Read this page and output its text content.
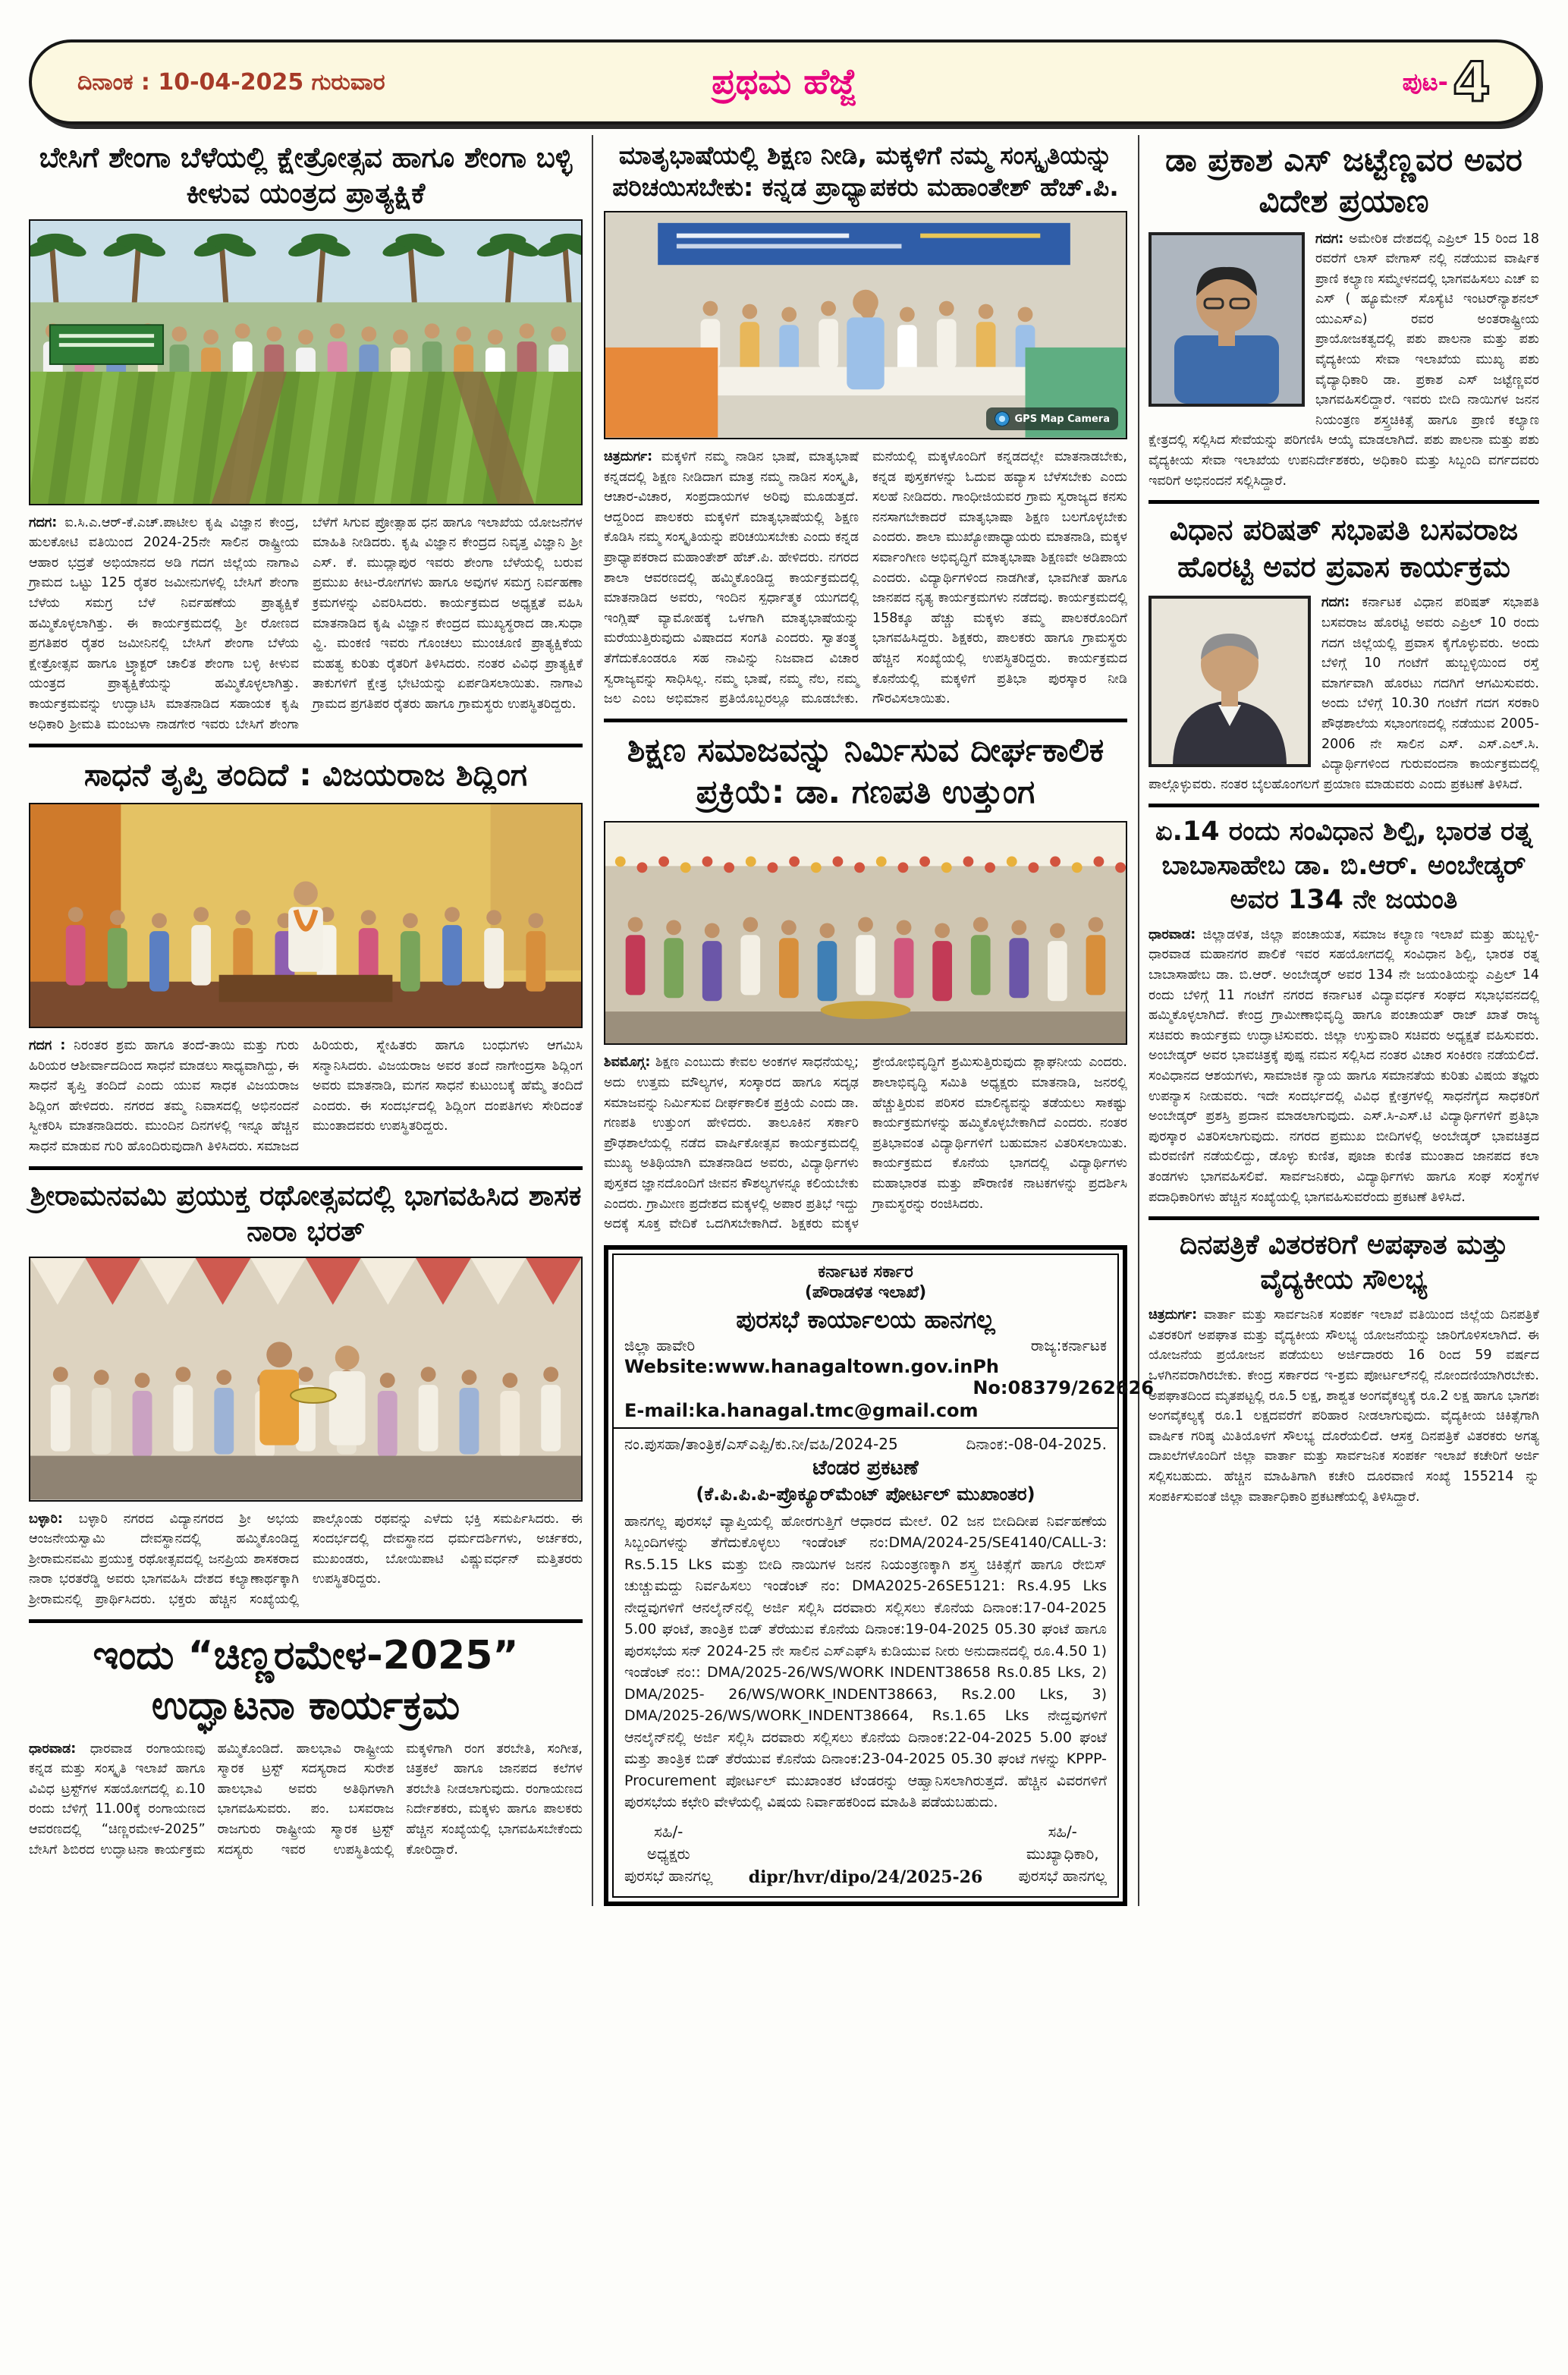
ದಿನಾಂಕ : 10-04-2025 ಗುರುವಾರ	ಪ್ರಥಮ ಹೆಜ್ಜೆ	ಪುಟ- 4
ಬೇಸಿಗೆ ಶೇಂಗಾ ಬೆಳೆಯಲ್ಲಿ ಕ್ಷೇತ್ರೋತ್ಸವ ಹಾಗೂ ಶೇಂಗಾ ಬಳ್ಳಿ ಕೀಳುವ ಯಂತ್ರದ ಪ್ರಾತ್ಯಕ್ಷಿಕೆ

ಗದಗ: ಐ.ಸಿ.ಎ.ಆರ್-ಕೆ.ಎಚ್.ಪಾಟೀಲ ಕೃಷಿ ವಿಜ್ಞಾನ ಕೇಂದ್ರ, ಹುಲಕೋಟಿ ವತಿಯಿಂದ 2024-25ನೇ ಸಾಲಿನ ರಾಷ್ಟ್ರೀಯ ಆಹಾರ ಭದ್ರತೆ ಅಭಿಯಾನದ ಅಡಿ ಗದಗ ಜಿಲ್ಲೆಯ ನಾಗಾವಿ ಗ್ರಾಮದ ಒಟ್ಟು 125 ರೈತರ ಜಮೀನುಗಳಲ್ಲಿ ಬೇಸಿಗೆ ಶೇಂಗಾ ಬೆಳೆಯ ಸಮಗ್ರ ಬೆಳೆ ನಿರ್ವಹಣೆಯ ಪ್ರಾತ್ಯಕ್ಷಿಕೆ ಹಮ್ಮಿಕೊಳ್ಳಲಾಗಿತ್ತು. ಈ ಕಾರ್ಯಕ್ರಮದಲ್ಲಿ ಶ್ರೀ ರೋಣದ ಪ್ರಗತಿಪರ ರೈತರ ಜಮೀನಿನಲ್ಲಿ ಬೇಸಿಗೆ ಶೇಂಗಾ ಬೆಳೆಯ ಕ್ಷೇತ್ರೋತ್ಸವ ಹಾಗೂ ಟ್ರ್ಯಾಕ್ಟರ್ ಚಾಲಿತ ಶೇಂಗಾ ಬಳ್ಳಿ ಕೀಳುವ ಯಂತ್ರದ ಪ್ರಾತ್ಯಕ್ಷಿಕೆಯನ್ನು ಹಮ್ಮಿಕೊಳ್ಳಲಾಗಿತ್ತು. ಕಾರ್ಯಕ್ರಮವನ್ನು ಉದ್ಘಾಟಿಸಿ ಮಾತನಾಡಿದ ಸಹಾಯಕ ಕೃಷಿ ಅಧಿಕಾರಿ ಶ್ರೀಮತಿ ಮಂಜುಳಾ ನಾಡಗೇರ ಇವರು ಬೇಸಿಗೆ ಶೇಂಗಾ ಬೆಳೆಗೆ ಸಿಗುವ ಪ್ರೋತ್ಸಾಹ ಧನ ಹಾಗೂ ಇಲಾಖೆಯ ಯೋಜನೆಗಳ ಮಾಹಿತಿ ನೀಡಿದರು. ಕೃಷಿ ವಿಜ್ಞಾನ ಕೇಂದ್ರದ ನಿವೃತ್ತ ವಿಜ್ಞಾನಿ ಶ್ರೀ ಎಸ್. ಕೆ. ಮುದ್ಲಾಪುರ ಇವರು ಶೇಂಗಾ ಬೆಳೆಯಲ್ಲಿ ಬರುವ ಪ್ರಮುಖ ಕೀಟ-ರೋಗಗಳು ಹಾಗೂ ಅವುಗಳ ಸಮಗ್ರ ನಿರ್ವಹಣಾ ಕ್ರಮಗಳನ್ನು ವಿವರಿಸಿದರು. ಕಾರ್ಯಕ್ರಮದ ಅಧ್ಯಕ್ಷತೆ ವಹಿಸಿ ಮಾತನಾಡಿದ ಕೃಷಿ ವಿಜ್ಞಾನ ಕೇಂದ್ರದ ಮುಖ್ಯಸ್ಥರಾದ ಡಾ.ಸುಧಾ ವ್ಹಿ. ಮಂಕಣಿ ಇವರು ಗೊಂಚಲು ಮುಂಚೂಣಿ ಪ್ರಾತ್ಯಕ್ಷಿಕೆಯ ಮಹತ್ವ ಕುರಿತು ರೈತರಿಗೆ ತಿಳಿಸಿದರು. ನಂತರ ವಿವಿಧ ಪ್ರಾತ್ಯಕ್ಷಿಕೆ ತಾಕುಗಳಿಗೆ ಕ್ಷೇತ್ರ ಭೇಟಿಯನ್ನು ಏರ್ಪಡಿಸಲಾಯಿತು. ನಾಗಾವಿ ಗ್ರಾಮದ ಪ್ರಗತಿಪರ ರೈತರು ಹಾಗೂ ಗ್ರಾಮಸ್ಥರು ಉಪಸ್ಥಿತರಿದ್ದರು.

ಸಾಧನೆ ತೃಪ್ತಿ ತಂದಿದೆ : ವಿಜಯರಾಜ ಶಿದ್ಲಿಂಗ

ಗದಗ : ನಿರಂತರ ಶ್ರಮ ಹಾಗೂ ತಂದೆ-ತಾಯಿ ಮತ್ತು ಗುರು ಹಿರಿಯರ ಆಶೀರ್ವಾದದಿಂದ ಸಾಧನೆ ಮಾಡಲು ಸಾಧ್ಯವಾಗಿದ್ದು, ಈ ಸಾಧನೆ ತೃಪ್ತಿ ತಂದಿದೆ ಎಂದು ಯುವ ಸಾಧಕ ವಿಜಯರಾಜ ಶಿದ್ಲಿಂಗ ಹೇಳಿದರು. ನಗರದ ತಮ್ಮ ನಿವಾಸದಲ್ಲಿ ಅಭಿನಂದನೆ ಸ್ವೀಕರಿಸಿ ಮಾತನಾಡಿದರು. ಮುಂದಿನ ದಿನಗಳಲ್ಲಿ ಇನ್ನೂ ಹೆಚ್ಚಿನ ಸಾಧನೆ ಮಾಡುವ ಗುರಿ ಹೊಂದಿರುವುದಾಗಿ ತಿಳಿಸಿದರು. ಸಮಾಜದ ಹಿರಿಯರು, ಸ್ನೇಹಿತರು ಹಾಗೂ ಬಂಧುಗಳು ಆಗಮಿಸಿ ಸನ್ಮಾನಿಸಿದರು. ವಿಜಯರಾಜ ಅವರ ತಂದೆ ನಾಗೇಂದ್ರಸಾ ಶಿದ್ಲಿಂಗ ಅವರು ಮಾತನಾಡಿ, ಮಗನ ಸಾಧನೆ ಕುಟುಂಬಕ್ಕೆ ಹೆಮ್ಮೆ ತಂದಿದೆ ಎಂದರು. ಈ ಸಂದರ್ಭದಲ್ಲಿ ಶಿದ್ಲಿಂಗ ದಂಪತಿಗಳು ಸೇರಿದಂತೆ ಮುಂತಾದವರು ಉಪಸ್ಥಿತರಿದ್ದರು.

ಶ್ರೀರಾಮನವಮಿ ಪ್ರಯುಕ್ತ ರಥೋತ್ಸವದಲ್ಲಿ ಭಾಗವಹಿಸಿದ ಶಾಸಕ ನಾರಾ ಭರತ್

ಬಳ್ಳಾರಿ: ಬಳ್ಳಾರಿ ನಗರದ ವಿದ್ಯಾನಗರದ ಶ್ರೀ ಅಭಯ ಆಂಜನೇಯಸ್ವಾಮಿ ದೇವಸ್ಥಾನದಲ್ಲಿ ಹಮ್ಮಿಕೊಂಡಿದ್ದ ಶ್ರೀರಾಮನವಮಿ ಪ್ರಯುಕ್ತ ರಥೋತ್ಸವದಲ್ಲಿ ಜನಪ್ರಿಯ ಶಾಸಕರಾದ ನಾರಾ ಭರತರೆಡ್ಡಿ ಅವರು ಭಾಗವಹಿಸಿ ದೇಶದ ಕಲ್ಯಾಣಾರ್ಥಕ್ಕಾಗಿ ಶ್ರೀರಾಮನಲ್ಲಿ ಪ್ರಾರ್ಥಿಸಿದರು. ಭಕ್ತರು ಹೆಚ್ಚಿನ ಸಂಖ್ಯೆಯಲ್ಲಿ ಪಾಲ್ಗೊಂಡು ರಥವನ್ನು ಎಳೆದು ಭಕ್ತಿ ಸಮರ್ಪಿಸಿದರು. ಈ ಸಂದರ್ಭದಲ್ಲಿ ದೇವಸ್ಥಾನದ ಧರ್ಮದರ್ಶಿಗಳು, ಅರ್ಚಕರು, ಮುಖಂಡರು, ಬೋಯಿಪಾಟಿ ವಿಷ್ಣುವರ್ಧನ್ ಮತ್ತಿತರರು ಉಪಸ್ಥಿತರಿದ್ದರು.

ಇಂದು “ಚಿಣ್ಣರಮೇಳ-2025” ಉದ್ಘಾಟನಾ ಕಾರ್ಯಕ್ರಮ

ಧಾರವಾಡ: ಧಾರವಾಡ ರಂಗಾಯಣವು ಕನ್ನಡ ಮತ್ತು ಸಂಸ್ಕೃತಿ ಇಲಾಖೆ ಹಾಗೂ ವಿವಿಧ ಟ್ರಸ್ಟ್‌ಗಳ ಸಹಯೋಗದಲ್ಲಿ ಏ.10 ರಂದು ಬೆಳಿಗ್ಗೆ 11.00ಕ್ಕೆ ರಂಗಾಯಣದ ಆವರಣದಲ್ಲಿ “ಚಿಣ್ಣರಮೇಳ-2025” ಬೇಸಿಗೆ ಶಿಬಿರದ ಉದ್ಘಾಟನಾ ಕಾರ್ಯಕ್ರಮ ಹಮ್ಮಿಕೊಂಡಿದೆ. ಹಾಲಭಾವಿ ರಾಷ್ಟ್ರೀಯ ಸ್ಮಾರಕ ಟ್ರಸ್ಟ್ ಸದಸ್ಯರಾದ ಸುರೇಶ ಹಾಲಭಾವಿ ಅವರು ಅತಿಥಿಗಳಾಗಿ ಭಾಗವಹಿಸುವರು. ಪಂ. ಬಸವರಾಜ ರಾಜಗುರು ರಾಷ್ಟ್ರೀಯ ಸ್ಮಾರಕ ಟ್ರಸ್ಟ್ ಸದಸ್ಯರು ಇವರ ಉಪಸ್ಥಿತಿಯಲ್ಲಿ ಮಕ್ಕಳಿಗಾಗಿ ರಂಗ ತರಬೇತಿ, ಸಂಗೀತ, ಚಿತ್ರಕಲೆ ಹಾಗೂ ಜಾನಪದ ಕಲೆಗಳ ತರಬೇತಿ ನೀಡಲಾಗುವುದು. ರಂಗಾಯಣದ ನಿರ್ದೇಶಕರು, ಮಕ್ಕಳು ಹಾಗೂ ಪಾಲಕರು ಹೆಚ್ಚಿನ ಸಂಖ್ಯೆಯಲ್ಲಿ ಭಾಗವಹಿಸಬೇಕೆಂದು ಕೋರಿದ್ದಾರೆ.

ಮಾತೃಭಾಷೆಯಲ್ಲಿ ಶಿಕ್ಷಣ ನೀಡಿ, ಮಕ್ಕಳಿಗೆ ನಮ್ಮ ಸಂಸ್ಕೃತಿಯನ್ನು ಪರಿಚಯಿಸಬೇಕು: ಕನ್ನಡ ಪ್ರಾಧ್ಯಾಪಕರು ಮಹಾಂತೇಶ್ ಹೆಚ್.ಪಿ.
GPS Map Camera

ಚಿತ್ರದುರ್ಗ: ಮಕ್ಕಳಿಗೆ ನಮ್ಮ ನಾಡಿನ ಭಾಷೆ, ಮಾತೃಭಾಷೆ ಕನ್ನಡದಲ್ಲಿ ಶಿಕ್ಷಣ ನೀಡಿದಾಗ ಮಾತ್ರ ನಮ್ಮ ನಾಡಿನ ಸಂಸ್ಕೃತಿ, ಆಚಾರ-ವಿಚಾರ, ಸಂಪ್ರದಾಯಗಳ ಅರಿವು ಮೂಡುತ್ತದೆ. ಆದ್ದರಿಂದ ಪಾಲಕರು ಮಕ್ಕಳಿಗೆ ಮಾತೃಭಾಷೆಯಲ್ಲಿ ಶಿಕ್ಷಣ ಕೊಡಿಸಿ ನಮ್ಮ ಸಂಸ್ಕೃತಿಯನ್ನು ಪರಿಚಯಿಸಬೇಕು ಎಂದು ಕನ್ನಡ ಪ್ರಾಧ್ಯಾಪಕರಾದ ಮಹಾಂತೇಶ್ ಹೆಚ್.ಪಿ. ಹೇಳಿದರು. ನಗರದ ಶಾಲಾ ಆವರಣದಲ್ಲಿ ಹಮ್ಮಿಕೊಂಡಿದ್ದ ಕಾರ್ಯಕ್ರಮದಲ್ಲಿ ಮಾತನಾಡಿದ ಅವರು, ಇಂದಿನ ಸ್ಪರ್ಧಾತ್ಮಕ ಯುಗದಲ್ಲಿ ಇಂಗ್ಲಿಷ್ ವ್ಯಾಮೋಹಕ್ಕೆ ಒಳಗಾಗಿ ಮಾತೃಭಾಷೆಯನ್ನು ಮರೆಯುತ್ತಿರುವುದು ವಿಷಾದದ ಸಂಗತಿ ಎಂದರು. ಸ್ವಾತಂತ್ರ್ಯ ತೆಗೆದುಕೊಂಡರೂ ಸಹ ನಾವಿನ್ನು ನಿಜವಾದ ವಿಚಾರ ಸ್ವರಾಜ್ಯವನ್ನು ಸಾಧಿಸಿಲ್ಲ. ನಮ್ಮ ಭಾಷೆ, ನಮ್ಮ ನೆಲ, ನಮ್ಮ ಜಲ ಎಂಬ ಅಭಿಮಾನ ಪ್ರತಿಯೊಬ್ಬರಲ್ಲೂ ಮೂಡಬೇಕು. ಮನೆಯಲ್ಲಿ ಮಕ್ಕಳೊಂದಿಗೆ ಕನ್ನಡದಲ್ಲೇ ಮಾತನಾಡಬೇಕು, ಕನ್ನಡ ಪುಸ್ತಕಗಳನ್ನು ಓದುವ ಹವ್ಯಾಸ ಬೆಳೆಸಬೇಕು ಎಂದು ಸಲಹೆ ನೀಡಿದರು. ಗಾಂಧೀಜಿಯವರ ಗ್ರಾಮ ಸ್ವರಾಜ್ಯದ ಕನಸು ನನಸಾಗಬೇಕಾದರೆ ಮಾತೃಭಾಷಾ ಶಿಕ್ಷಣ ಬಲಗೊಳ್ಳಬೇಕು ಎಂದರು. ಶಾಲಾ ಮುಖ್ಯೋಪಾಧ್ಯಾಯರು ಮಾತನಾಡಿ, ಮಕ್ಕಳ ಸರ್ವಾಂಗೀಣ ಅಭಿವೃದ್ಧಿಗೆ ಮಾತೃಭಾಷಾ ಶಿಕ್ಷಣವೇ ಅಡಿಪಾಯ ಎಂದರು. ವಿದ್ಯಾರ್ಥಿಗಳಿಂದ ನಾಡಗೀತೆ, ಭಾವಗೀತೆ ಹಾಗೂ ಜಾನಪದ ನೃತ್ಯ ಕಾರ್ಯಕ್ರಮಗಳು ನಡೆದವು. ಕಾರ್ಯಕ್ರಮದಲ್ಲಿ 158ಕ್ಕೂ ಹೆಚ್ಚು ಮಕ್ಕಳು ತಮ್ಮ ಪಾಲಕರೊಂದಿಗೆ ಭಾಗವಹಿಸಿದ್ದರು. ಶಿಕ್ಷಕರು, ಪಾಲಕರು ಹಾಗೂ ಗ್ರಾಮಸ್ಥರು ಹೆಚ್ಚಿನ ಸಂಖ್ಯೆಯಲ್ಲಿ ಉಪಸ್ಥಿತರಿದ್ದರು. ಕಾರ್ಯಕ್ರಮದ ಕೊನೆಯಲ್ಲಿ ಮಕ್ಕಳಿಗೆ ಪ್ರತಿಭಾ ಪುರಸ್ಕಾರ ನೀಡಿ ಗೌರವಿಸಲಾಯಿತು.

ಶಿಕ್ಷಣ ಸಮಾಜವನ್ನು ನಿರ್ಮಿಸುವ ದೀರ್ಘಕಾಲಿಕ ಪ್ರಕ್ರಿಯೆ: ಡಾ. ಗಣಪತಿ ಉತ್ತುಂಗ

ಶಿವಮೊಗ್ಗ: ಶಿಕ್ಷಣ ಎಂಬುದು ಕೇವಲ ಅಂಕಗಳ ಸಾಧನೆಯಲ್ಲ; ಅದು ಉತ್ತಮ ಮೌಲ್ಯಗಳ, ಸಂಸ್ಕಾರದ ಹಾಗೂ ಸದೃಢ ಸಮಾಜವನ್ನು ನಿರ್ಮಿಸುವ ದೀರ್ಘಕಾಲಿಕ ಪ್ರಕ್ರಿಯೆ ಎಂದು ಡಾ. ಗಣಪತಿ ಉತ್ತುಂಗ ಹೇಳಿದರು. ತಾಲೂಕಿನ ಸರ್ಕಾರಿ ಪ್ರೌಢಶಾಲೆಯಲ್ಲಿ ನಡೆದ ವಾರ್ಷಿಕೋತ್ಸವ ಕಾರ್ಯಕ್ರಮದಲ್ಲಿ ಮುಖ್ಯ ಅತಿಥಿಯಾಗಿ ಮಾತನಾಡಿದ ಅವರು, ವಿದ್ಯಾರ್ಥಿಗಳು ಪುಸ್ತಕದ ಜ್ಞಾನದೊಂದಿಗೆ ಜೀವನ ಕೌಶಲ್ಯಗಳನ್ನೂ ಕಲಿಯಬೇಕು ಎಂದರು. ಗ್ರಾಮೀಣ ಪ್ರದೇಶದ ಮಕ್ಕಳಲ್ಲಿ ಅಪಾರ ಪ್ರತಿಭೆ ಇದ್ದು ಅದಕ್ಕೆ ಸೂಕ್ತ ವೇದಿಕೆ ಒದಗಿಸಬೇಕಾಗಿದೆ. ಶಿಕ್ಷಕರು ಮಕ್ಕಳ ಶ್ರೇಯೋಭಿವೃದ್ಧಿಗೆ ಶ್ರಮಿಸುತ್ತಿರುವುದು ಶ್ಲಾಘನೀಯ ಎಂದರು. ಶಾಲಾಭಿವೃದ್ಧಿ ಸಮಿತಿ ಅಧ್ಯಕ್ಷರು ಮಾತನಾಡಿ, ಜನರಲ್ಲಿ ಹೆಚ್ಚುತ್ತಿರುವ ಪರಿಸರ ಮಾಲಿನ್ಯವನ್ನು ತಡೆಯಲು ಸಾಕಷ್ಟು ಕಾರ್ಯಕ್ರಮಗಳನ್ನು ಹಮ್ಮಿಕೊಳ್ಳಬೇಕಾಗಿದೆ ಎಂದರು. ನಂತರ ಪ್ರತಿಭಾವಂತ ವಿದ್ಯಾರ್ಥಿಗಳಿಗೆ ಬಹುಮಾನ ವಿತರಿಸಲಾಯಿತು. ಕಾರ್ಯಕ್ರಮದ ಕೊನೆಯ ಭಾಗದಲ್ಲಿ ವಿದ್ಯಾರ್ಥಿಗಳು ಮಹಾಭಾರತ ಮತ್ತು ಪೌರಾಣಿಕ ನಾಟಕಗಳನ್ನು ಪ್ರದರ್ಶಿಸಿ ಗ್ರಾಮಸ್ಥರನ್ನು ರಂಜಿಸಿದರು.

ಕರ್ನಾಟಕ ಸರ್ಕಾರ
(ಪೌರಾಡಳಿತ ಇಲಾಖೆ)
ಪುರಸಭೆ ಕಾರ್ಯಾಲಯ ಹಾನಗಲ್ಲ
ಜಿಲ್ಲಾ ಹಾವೇರಿ	ರಾಜ್ಯ:ಕರ್ನಾಟಕ
Website:www.hanagaltown.gov.in Ph No:08379/262626
E-mail:ka.hanagal.tmc@gmail.com
ನಂ.ಪುಸಹಾ/ತಾಂತ್ರಿಕ/ಎಸ್‌ಎಪ್ಪಿ/ಕು.ನೀ/ವಹಿ/2024-25	ದಿನಾಂಕ:-08-04-2025.
ಟೆಂಡರ ಪ್ರಕಟಣೆ
(ಕೆ.ಪಿ.ಪಿ.ಪಿ-ಪ್ರೊಕ್ಯೂರ್‌ಮೆಂಟ್ ಪೋರ್ಟಲ್ ಮುಖಾಂತರ)

ಹಾನಗಲ್ಲ ಪುರಸಭೆ ವ್ಯಾಪ್ತಿಯಲ್ಲಿ ಹೋರಗುತ್ತಿಗೆ ಆಧಾರದ ಮೇಲೆ. 02 ಜನ ಬೀದಿದೀಪ ನಿರ್ವಹಣೆಯ ಸಿಬ್ಬಂದಿಗಳನ್ನು ತೆಗೆದುಕೊಳ್ಳಲು ಇಂಡೆಂಟ್ ನಂ:DMA/2024-25/SE4140/CALL-3: Rs.5.15 Lks ಮತ್ತು ಬೀದಿ ನಾಯಿಗಳ ಜನನ ನಿಯಂತ್ರಣಕ್ಕಾಗಿ ಶಸ್ತ್ರ ಚಿಕಿತ್ಸೆಗೆ ಹಾಗೂ ರೇಬಿಸ್ ಚುಚ್ಚುಮದ್ದು ನಿರ್ವಹಿಸಲು ಇಂಡೆಂಟ್ ನಂ: DMA2025-26SE5121: Rs.4.95 Lks ನೇದ್ದವುಗಳಿಗೆ ಆನಲೈನ್‌ನಲ್ಲಿ ಅರ್ಜಿ ಸಲ್ಲಿಸಿ ದರವಾರು ಸಲ್ಲಿಸಲು ಕೊನೆಯ ದಿನಾಂಕ:17-04-2025 5.00 ಘಂಟೆ, ತಾಂತ್ರಿಕ ಬಿಡ್ ತೆರೆಯುವ ಕೊನೆಯ ದಿನಾಂಕ:19-04-2025 05.30 ಘಂಟೆ ಹಾಗೂ ಪುರಸಭೆಯ ಸನ್ 2024-25 ನೇ ಸಾಲಿನ ಎಸ್‌ಎಫ್‌ಸಿ ಕುಡಿಯುವ ನೀರು ಅನುದಾನದಲ್ಲಿ ರೂ.4.50 1) ಇಂಡೆಂಟ್ ನಂ:: DMA/2025-26/WS/WORK INDENT38658 Rs.0.85 Lks, 2) DMA/2025- 26/WS/WORK_INDENT38663, Rs.2.00 Lks, 3) DMA/2025-26/WS/WORK_INDENT38664, Rs.1.65 Lks ನೇದ್ದವುಗಳಿಗೆ ಆನಲೈನ್‌ನಲ್ಲಿ ಅರ್ಜಿ ಸಲ್ಲಿಸಿ ದರವಾರು ಸಲ್ಲಿಸಲು ಕೊನೆಯ ದಿನಾಂಕ:22-04-2025 5.00 ಘಂಟೆ ಮತ್ತು ತಾಂತ್ರಿಕ ಬಿಡ್ ತೆರೆಯುವ ಕೊನೆಯ ದಿನಾಂಕ:23-04-2025 05.30 ಘಂಟೆ ಗಳನ್ನು KPPP-Procurement ಪೋರ್ಟಲ್ ಮುಖಾಂತರ ಟೆಂಡರನ್ನು ಆಹ್ವಾನಿಸಲಾಗಿರುತ್ತದೆ. ಹೆಚ್ಚಿನ ವಿವರಗಳಿಗೆ ಪುರಸಭೆಯ ಕಛೇರಿ ವೇಳೆಯಲ್ಲಿ ವಿಷಯ ನಿರ್ವಾಹಕರಿಂದ ಮಾಹಿತಿ ಪಡೆಯಬಹುದು.

ಸಹಿ/-
ಅಧ್ಯಕ್ಷರು
ಪುರಸಭೆ ಹಾನಗಲ್ಲ dipr/hvr/dipo/24/2025-26
ಸಹಿ/-
ಮುಖ್ಯಾಧಿಕಾರಿ,
ಪುರಸಭೆ ಹಾನಗಲ್ಲ
ಡಾ ಪ್ರಕಾಶ ಎಸ್ ಜಟ್ಟೆಣ್ಣವರ ಅವರ ವಿದೇಶ ಪ್ರಯಾಣ

ಗದಗ: ಅಮೇರಿಕ ದೇಶದಲ್ಲಿ ಎಪ್ರಿಲ್ 15 ರಿಂದ 18 ರವರೆಗೆ ಲಾಸ್ ವೇಗಾಸ್ ನಲ್ಲಿ ನಡೆಯುವ ವಾರ್ಷಿಕ ಪ್ರಾಣಿ ಕಲ್ಯಾಣ ಸಮ್ಮೇಳನದಲ್ಲಿ ಭಾಗವಹಿಸಲು ಎಚ್ ಐ ಎಸ್ ( ಹ್ಯೂಮೇನ್ ಸೊಸ್ಯೆಟಿ ಇಂಟರ್‌ನ್ಯಾಶನಲ್ ಯುಎಸ್ಎ) ರವರ ಅಂತರಾಷ್ಟ್ರೀಯ ಪ್ರಾಯೋಜಕತ್ವದಲ್ಲಿ ಪಶು ಪಾಲನಾ ಮತ್ತು ಪಶು ವೈದ್ಯಕೀಯ ಸೇವಾ ಇಲಾಖೆಯ ಮುಖ್ಯ ಪಶು ವೈದ್ಯಾಧಿಕಾರಿ ಡಾ. ಪ್ರಕಾಶ ಎಸ್ ಜಟ್ಟೆಣ್ಣವರ ಭಾಗವಹಿಸಲಿದ್ದಾರೆ. ಇವರು ಬೀದಿ ನಾಯಿಗಳ ಜನನ ನಿಯಂತ್ರಣ ಶಸ್ತ್ರಚಿಕಿತ್ಸೆ ಹಾಗೂ ಪ್ರಾಣಿ ಕಲ್ಯಾಣ ಕ್ಷೇತ್ರದಲ್ಲಿ ಸಲ್ಲಿಸಿದ ಸೇವೆಯನ್ನು ಪರಿಗಣಿಸಿ ಆಯ್ಕೆ ಮಾಡಲಾಗಿದೆ. ಪಶು ಪಾಲನಾ ಮತ್ತು ಪಶು ವೈದ್ಯಕೀಯ ಸೇವಾ ಇಲಾಖೆಯ ಉಪನಿರ್ದೇಶಕರು, ಅಧಿಕಾರಿ ಮತ್ತು ಸಿಬ್ಬಂದಿ ವರ್ಗದವರು ಇವರಿಗೆ ಅಭಿನಂದನೆ ಸಲ್ಲಿಸಿದ್ದಾರೆ.

ವಿಧಾನ ಪರಿಷತ್ ಸಭಾಪತಿ ಬಸವರಾಜ ಹೊರಟ್ಟಿ ಅವರ ಪ್ರವಾಸ ಕಾರ್ಯಕ್ರಮ

ಗದಗ: ಕರ್ನಾಟಕ ವಿಧಾನ ಪರಿಷತ್ ಸಭಾಪತಿ ಬಸವರಾಜ ಹೊರಟ್ಟಿ ಅವರು ಎಪ್ರಿಲ್ 10 ರಂದು ಗದಗ ಜಿಲ್ಲೆಯಲ್ಲಿ ಪ್ರವಾಸ ಕೈಗೊಳ್ಳುವರು. ಅಂದು ಬೆಳಿಗ್ಗೆ 10 ಗಂಟೆಗೆ ಹುಬ್ಬಳ್ಳಿಯಿಂದ ರಸ್ತೆ ಮಾರ್ಗವಾಗಿ ಹೊರಟು ಗದಗಿಗೆ ಆಗಮಿಸುವರು. ಅಂದು ಬೆಳಿಗ್ಗೆ 10.30 ಗಂಟೆಗೆ ಗದಗ ಸರಕಾರಿ ಪೌಢಶಾಲೆಯ ಸಭಾಂಗಣದಲ್ಲಿ ನಡೆಯುವ 2005-2006 ನೇ ಸಾಲಿನ ಎಸ್. ಎಸ್.ಎಲ್.ಸಿ. ವಿದ್ಯಾರ್ಥಿಗಳಿಂದ ಗುರುವಂದನಾ ಕಾರ್ಯಕ್ರಮದಲ್ಲಿ ಪಾಲ್ಗೊಳ್ಳುವರು. ನಂತರ ಬೈಲಹೊಂಗಲಗೆ ಪ್ರಯಾಣ ಮಾಡುವರು ಎಂದು ಪ್ರಕಟಣೆ ತಿಳಿಸಿದೆ.

ಏ.14 ರಂದು ಸಂವಿಧಾನ ಶಿಲ್ಪಿ, ಭಾರತ ರತ್ನ ಬಾಬಾಸಾಹೇಬ ಡಾ. ಬಿ.ಆರ್. ಅಂಬೇಡ್ಕರ್ ಅವರ 134 ನೇ ಜಯಂತಿ

ಧಾರವಾಡ: ಜಿಲ್ಲಾಡಳಿತ, ಜಿಲ್ಲಾ ಪಂಚಾಯತ, ಸಮಾಜ ಕಲ್ಯಾಣ ಇಲಾಖೆ ಮತ್ತು ಹುಬ್ಬಳ್ಳಿ-ಧಾರವಾಡ ಮಹಾನಗರ ಪಾಲಿಕೆ ಇವರ ಸಹಯೋಗದಲ್ಲಿ ಸಂವಿಧಾನ ಶಿಲ್ಪಿ, ಭಾರತ ರತ್ನ ಬಾಬಾಸಾಹೇಬ ಡಾ. ಬಿ.ಆರ್. ಅಂಬೇಡ್ಕರ್ ಅವರ 134 ನೇ ಜಯಂತಿಯನ್ನು ಎಪ್ರಿಲ್ 14 ರಂದು ಬೆಳಿಗ್ಗೆ 11 ಗಂಟೆಗೆ ನಗರದ ಕರ್ನಾಟಕ ವಿದ್ಯಾವರ್ಧಕ ಸಂಘದ ಸಭಾಭವನದಲ್ಲಿ ಹಮ್ಮಿಕೊಳ್ಳಲಾಗಿದೆ. ಕೇಂದ್ರ ಗ್ರಾಮೀಣಾಭಿವೃದ್ಧಿ ಹಾಗೂ ಪಂಚಾಯತ್ ರಾಜ್ ಖಾತೆ ರಾಜ್ಯ ಸಚಿವರು ಕಾರ್ಯಕ್ರಮ ಉದ್ಘಾಟಿಸುವರು. ಜಿಲ್ಲಾ ಉಸ್ತುವಾರಿ ಸಚಿವರು ಅಧ್ಯಕ್ಷತೆ ವಹಿಸುವರು. ಅಂಬೇಡ್ಕರ್ ಅವರ ಭಾವಚಿತ್ರಕ್ಕೆ ಪುಷ್ಪ ನಮನ ಸಲ್ಲಿಸಿದ ನಂತರ ವಿಚಾರ ಸಂಕಿರಣ ನಡೆಯಲಿದೆ. ಸಂವಿಧಾನದ ಆಶಯಗಳು, ಸಾಮಾಜಿಕ ನ್ಯಾಯ ಹಾಗೂ ಸಮಾನತೆಯ ಕುರಿತು ವಿಷಯ ತಜ್ಞರು ಉಪನ್ಯಾಸ ನೀಡುವರು. ಇದೇ ಸಂದರ್ಭದಲ್ಲಿ ವಿವಿಧ ಕ್ಷೇತ್ರಗಳಲ್ಲಿ ಸಾಧನೆಗೈದ ಸಾಧಕರಿಗೆ ಅಂಬೇಡ್ಕರ್ ಪ್ರಶಸ್ತಿ ಪ್ರದಾನ ಮಾಡಲಾಗುವುದು. ಎಸ್.ಸಿ-ಎಸ್.ಟಿ ವಿದ್ಯಾರ್ಥಿಗಳಿಗೆ ಪ್ರತಿಭಾ ಪುರಸ್ಕಾರ ವಿತರಿಸಲಾಗುವುದು. ನಗರದ ಪ್ರಮುಖ ಬೀದಿಗಳಲ್ಲಿ ಅಂಬೇಡ್ಕರ್ ಭಾವಚಿತ್ರದ ಮೆರವಣಿಗೆ ನಡೆಯಲಿದ್ದು, ಡೊಳ್ಳು ಕುಣಿತ, ಪೂಜಾ ಕುಣಿತ ಮುಂತಾದ ಜಾನಪದ ಕಲಾ ತಂಡಗಳು ಭಾಗವಹಿಸಲಿವೆ. ಸಾರ್ವಜನಿಕರು, ವಿದ್ಯಾರ್ಥಿಗಳು ಹಾಗೂ ಸಂಘ ಸಂಸ್ಥೆಗಳ ಪದಾಧಿಕಾರಿಗಳು ಹೆಚ್ಚಿನ ಸಂಖ್ಯೆಯಲ್ಲಿ ಭಾಗವಹಿಸುವರೆಂದು ಪ್ರಕಟಣೆ ತಿಳಿಸಿದೆ.

ದಿನಪತ್ರಿಕೆ ವಿತರಕರಿಗೆ ಅಪಘಾತ ಮತ್ತು ವೈದ್ಯಕೀಯ ಸೌಲಭ್ಯ

ಚಿತ್ರದುರ್ಗ: ವಾರ್ತಾ ಮತ್ತು ಸಾರ್ವಜನಿಕ ಸಂಪರ್ಕ ಇಲಾಖೆ ವತಿಯಿಂದ ಜಿಲ್ಲೆಯ ದಿನಪತ್ರಿಕೆ ವಿತರಕರಿಗೆ ಅಪಘಾತ ಮತ್ತು ವೈದ್ಯಕೀಯ ಸೌಲಭ್ಯ ಯೋಜನೆಯನ್ನು ಜಾರಿಗೊಳಿಸಲಾಗಿದೆ. ಈ ಯೋಜನೆಯ ಪ್ರಯೋಜನ ಪಡೆಯಲು ಅರ್ಜಿದಾರರು 16 ರಿಂದ 59 ವರ್ಷದ ಒಳಗಿನವರಾಗಿರಬೇಕು. ಕೇಂದ್ರ ಸರ್ಕಾರದ ಇ-ಶ್ರಮ ಪೋರ್ಟಲ್‌ನಲ್ಲಿ ನೋಂದಣಿಯಾಗಿರಬೇಕು. ಅಪಘಾತದಿಂದ ಮೃತಪಟ್ಟಲ್ಲಿ ರೂ.5 ಲಕ್ಷ, ಶಾಶ್ವತ ಅಂಗವೈಕಲ್ಯಕ್ಕೆ ರೂ.2 ಲಕ್ಷ ಹಾಗೂ ಭಾಗಶಃ ಅಂಗವೈಕಲ್ಯಕ್ಕೆ ರೂ.1 ಲಕ್ಷದವರೆಗೆ ಪರಿಹಾರ ನೀಡಲಾಗುವುದು. ವೈದ್ಯಕೀಯ ಚಿಕಿತ್ಸೆಗಾಗಿ ವಾರ್ಷಿಕ ಗರಿಷ್ಠ ಮಿತಿಯೊಳಗೆ ಸೌಲಭ್ಯ ದೊರೆಯಲಿದೆ. ಆಸಕ್ತ ದಿನಪತ್ರಿಕೆ ವಿತರಕರು ಅಗತ್ಯ ದಾಖಲೆಗಳೊಂದಿಗೆ ಜಿಲ್ಲಾ ವಾರ್ತಾ ಮತ್ತು ಸಾರ್ವಜನಿಕ ಸಂಪರ್ಕ ಇಲಾಖೆ ಕಚೇರಿಗೆ ಅರ್ಜಿ ಸಲ್ಲಿಸಬಹುದು. ಹೆಚ್ಚಿನ ಮಾಹಿತಿಗಾಗಿ ಕಚೇರಿ ದೂರವಾಣಿ ಸಂಖ್ಯೆ 155214 ನ್ನು ಸಂಪರ್ಕಿಸುವಂತೆ ಜಿಲ್ಲಾ ವಾರ್ತಾಧಿಕಾರಿ ಪ್ರಕಟಣೆಯಲ್ಲಿ ತಿಳಿಸಿದ್ದಾರೆ.
